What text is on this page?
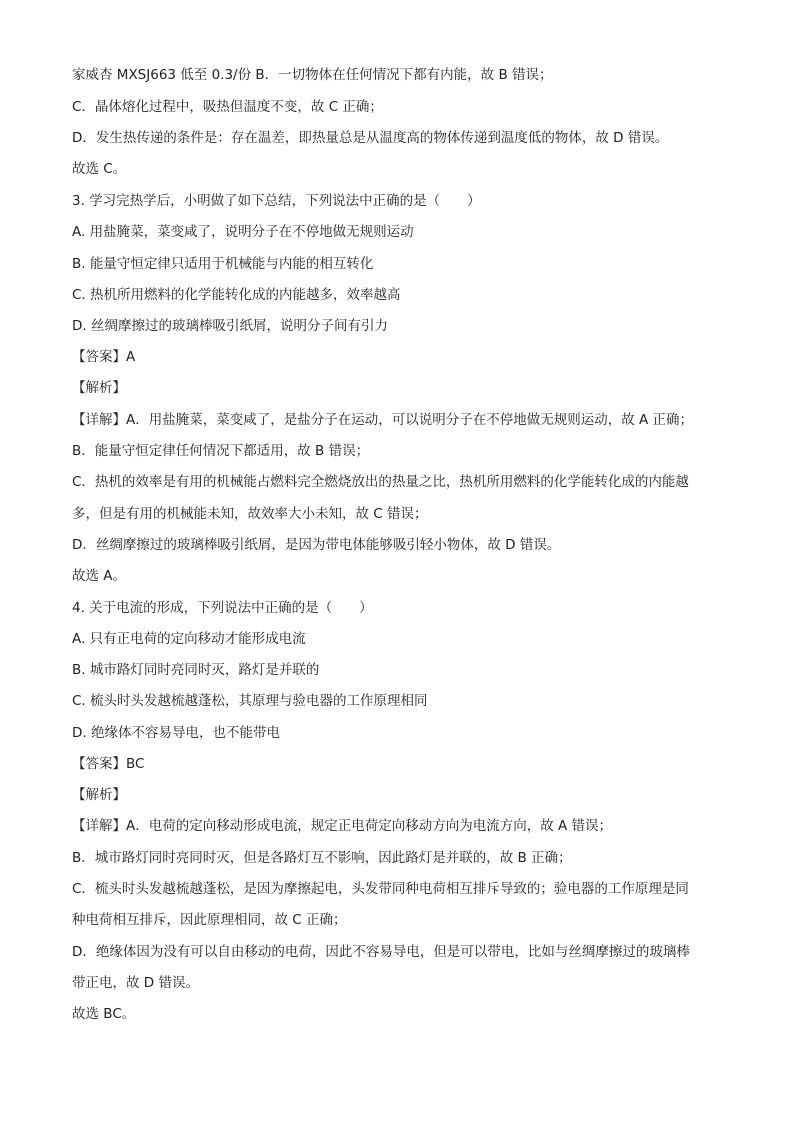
家威杏 MXSJ663 低至 0.3/份 B．一切物体在任何情况下都有内能，故 B 错误；
C．晶体熔化过程中，吸热但温度不变，故 C 正确；
D．发生热传递的条件是：存在温差，即热量总是从温度高的物体传递到温度低的物体，故 D 错误。
故选 C。
3. 学习完热学后，小明做了如下总结，下列说法中正确的是（　　）
A. 用盐腌菜，菜变咸了，说明分子在不停地做无规则运动
B. 能量守恒定律只适用于机械能与内能的相互转化
C. 热机所用燃料的化学能转化成的内能越多，效率越高
D. 丝绸摩擦过的玻璃棒吸引纸屑，说明分子间有引力
【答案】A
【解析】
【详解】A．用盐腌菜，菜变咸了，是盐分子在运动，可以说明分子在不停地做无规则运动，故 A 正确；
B．能量守恒定律任何情况下都适用，故 B 错误；
C．热机的效率是有用的机械能占燃料完全燃烧放出的热量之比，热机所用燃料的化学能转化成的内能越
多，但是有用的机械能未知，故效率大小未知，故 C 错误；
D．丝绸摩擦过的玻璃棒吸引纸屑，是因为带电体能够吸引轻小物体，故 D 错误。
故选 A。
4. 关于电流的形成，下列说法中正确的是（　　）
A. 只有正电荷的定向移动才能形成电流
B. 城市路灯同时亮同时灭，路灯是并联的
C. 梳头时头发越梳越蓬松，其原理与验电器的工作原理相同
D. 绝缘体不容易导电，也不能带电
【答案】BC
【解析】
【详解】A．电荷的定向移动形成电流，规定正电荷定向移动方向为电流方向，故 A 错误；
B．城市路灯同时亮同时灭，但是各路灯互不影响，因此路灯是并联的，故 B 正确；
C．梳头时头发越梳越蓬松，是因为摩擦起电，头发带同种电荷相互排斥导致的；验电器的工作原理是同
种电荷相互排斥，因此原理相同，故 C 正确；
D．绝缘体因为没有可以自由移动的电荷，因此不容易导电，但是可以带电，比如与丝绸摩擦过的玻璃棒
带正电，故 D 错误。
故选 BC。
